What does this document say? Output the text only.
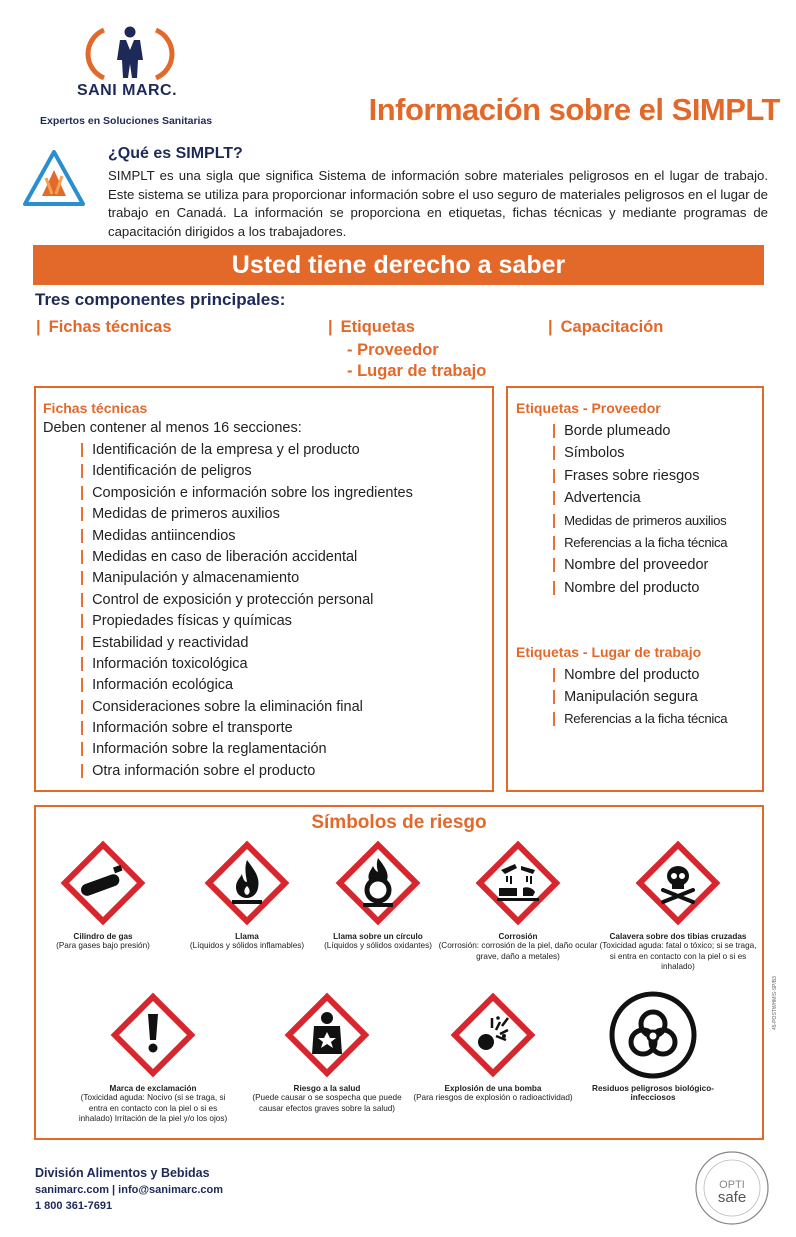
SANI MARC.
Expertos en Soluciones Sanitarias	Información sobre el SIMPLT
¿Qué es SIMPLT?
SIMPLT es una sigla que significa Sistema de información sobre materiales peligrosos en el lugar de trabajo. Este sistema se utiliza para proporcionar información sobre el uso seguro de materiales peligrosos en el lugar de trabajo en Canadá. La información se proporciona en etiquetas, fichas técnicas y mediante programas de capacitación dirigidos a los trabajadores.
Usted tiene derecho a saber
Tres componentes principales:
| Fichas técnicas	| Etiquetas
- Proveedor
- Lugar de trabajo
| Capacitación
Fichas técnicas
Deben contener al menos 16 secciones:
| Identificación de la empresa y el producto
| Identificación de peligros
| Composición e información sobre los ingredientes
| Medidas de primeros auxilios
| Medidas antiincendios
| Medidas en caso de liberación accidental
| Manipulación y almacenamiento
| Control de exposición y protección personal
| Propiedades físicas y químicas
| Estabilidad y reactividad
| Información toxicológica
| Información ecológica
| Consideraciones sobre la eliminación final
| Información sobre el transporte
| Información sobre la reglamentación
| Otra información sobre el producto
Etiquetas - Proveedor
| Borde plumeado
| Símbolos
| Frases sobre riesgos
| Advertencia
| Medidas de primeros auxilios
| Referencias a la ficha técnica
| Nombre del proveedor
| Nombre del producto
Etiquetas - Lugar de trabajo
| Nombre del producto
| Manipulación segura
| Referencias a la ficha técnica
Símbolos de riesgo
Cilindro de gas
(Para gases bajo presión)
Llama
(Líquidos y sólidos inflamables)
Llama sobre un círculo
(Líquidos y sólidos oxidantes)
Corrosión
(Corrosión: corrosión de la piel, daño ocular grave, daño a metales)
Calavera sobre dos tibias cruzadas
(Toxicidad aguda: fatal o tóxico; si se traga, si entra en contacto con la piel o si es inhalado)
Marca de exclamación
(Toxicidad aguda: Nocivo (si se traga, si entra en contacto con la piel o si es inhalado) Irritación de la piel y/o los ojos)
Riesgo a la salud
(Puede causar o se sospecha que puede causar efectos graves sobre la salud)
Explosión de una bomba
(Para riesgos de explosión o radioactividad)
Residuos peligrosos biológico-infecciosos
45-POSTWHMIS-SP/B3
División Alimentos y Bebidas
sanimarc.com | info@sanimarc.com
1 800 361-7691
OPTI
safe
